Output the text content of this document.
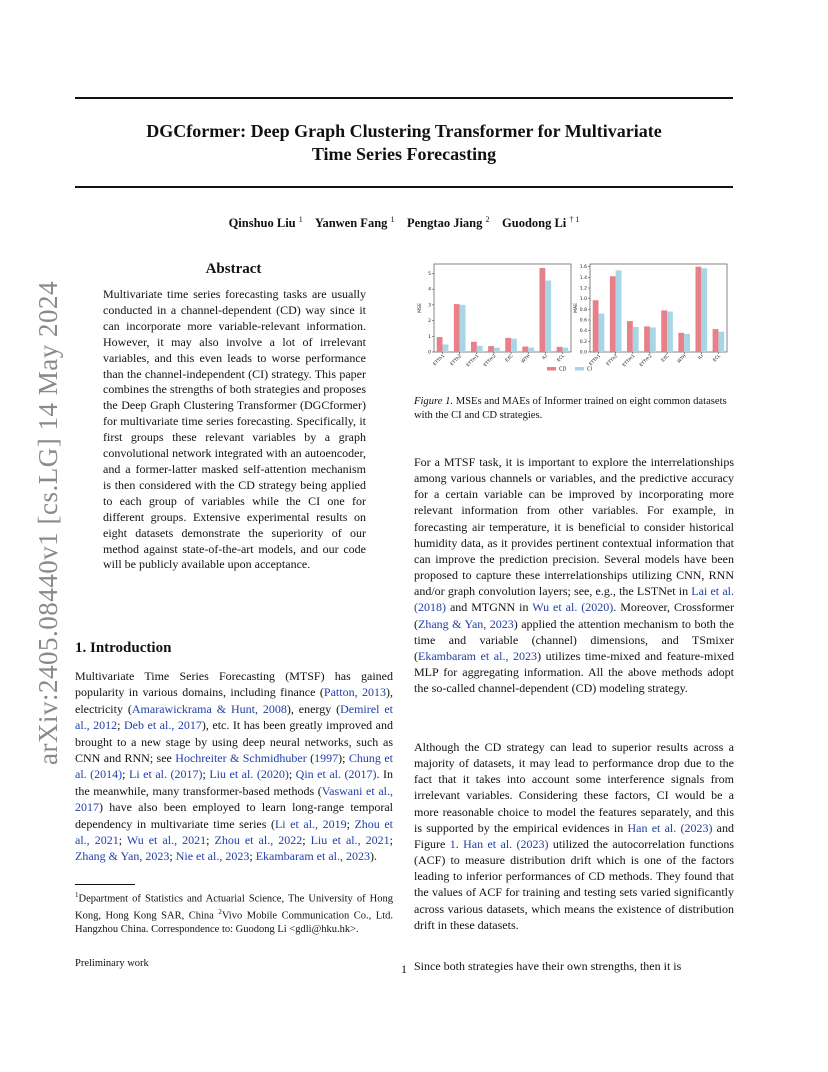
arXiv:2405.08440v1 [cs.LG] 14 May 2024
DGCformer: Deep Graph Clustering Transformer for Multivariate
Time Series Forecasting
Qinshuo Liu $^1$ Yanwen Fang $^1$ Pengtao Jiang $^2$ Guodong Li $^{\dagger 1}$
Abstract

Multivariate time series forecasting tasks are usually conducted in a channel-dependent (CD) way since it can incorporate more variable-relevant information. However, it may also involve a lot of irrelevant variables, and this even leads to worse performance than the channel-independent (CI) strategy. This paper combines the strengths of both strategies and proposes the Deep Graph Clustering Transformer (DGCformer) for multivariate time series forecasting. Specifically, it first groups these relevant variables by a graph convolutional network integrated with an autoencoder, and a former-latter masked self-attention mechanism is then considered with the CD strategy being applied to each group of variables while the CI one for different groups. Extensive experimental results on eight datasets demonstrate the superiority of our method against state-of-the-art models, and our code will be publicly available upon acceptance.

1. Introduction

Multivariate Time Series Forecasting (MTSF) has gained popularity in various domains, including finance (Patton, 2013), electricity (Amarawickrama & Hunt, 2008), energy (Demirel et al., 2012; Deb et al., 2017), etc. It has been greatly improved and brought to a new stage by using deep neural networks, such as CNN and RNN; see Hochreiter & Schmidhuber (1997); Chung et al. (2014); Li et al. (2017); Liu et al. (2020); Qin et al. (2017). In the meanwhile, many transformer-based methods (Vaswani et al., 2017) have also been employed to learn long-range temporal dependency in multivariate time series (Li et al., 2019; Zhou et al., 2021; Wu et al., 2021; Zhou et al., 2022; Liu et al., 2021; Zhang & Yan, 2023; Nie et al., 2023; Ekambaram et al., 2023).

$^1$Department of Statistics and Actuarial Science, The University of Hong Kong, Hong Kong SAR, China $^2$Vivo Mobile Communication Co., Ltd. Hangzhou China. Correspondence to: Guodong Li <gdli@hku.hk>.

Preliminary work	1
0
1
2
3
4
5
MSE
ETTh1 ETTh2 ETTm1 ETTm2 EXC WTH ILI ECL
0.0
0.2
0.4
0.6
0.8
1.0
1.2
1.4
1.6
MAE
ETTh1 ETTh2 ETTm1 ETTm2 EXC WTH ILI ECL
CD	CI

Figure 1. MSEs and MAEs of Informer trained on eight common datasets with the CI and CD strategies.

For a MTSF task, it is important to explore the interrelationships among various channels or variables, and the predictive accuracy for a certain variable can be improved by incorporating more relevant information from other variables. For example, in forecasting air temperature, it is beneficial to consider historical humidity data, as it provides pertinent contextual information that can improve the prediction precision. Several models have been proposed to capture these interrelationships utilizing CNN, RNN and/or graph convolution layers; see, e.g., the LSTNet in Lai et al. (2018) and MTGNN in Wu et al. (2020). Moreover, Crossformer (Zhang & Yan, 2023) applied the attention mechanism to both the time and variable (channel) dimensions, and TSmixer (Ekambaram et al., 2023) utilizes time-mixed and feature-mixed MLP for aggregating information. All the above methods adopt the so-called channel-dependent (CD) modeling strategy.

Although the CD strategy can lead to superior results across a majority of datasets, it may lead to performance drop due to the fact that it takes into account some interference signals from irrelevant variables. Considering these factors, CI would be a more reasonable choice to model the features separately, and this is supported by the empirical evidences in Han et al. (2023) and Figure 1. Han et al. (2023) utilized the autocorrelation functions (ACF) to measure distribution drift which is one of the factors leading to inferior performances of CD methods. They found that the values of ACF for training and testing sets varied significantly across various datasets, which means the existence of distribution drift in these datasets.

Since both strategies have their own strengths, then it is
